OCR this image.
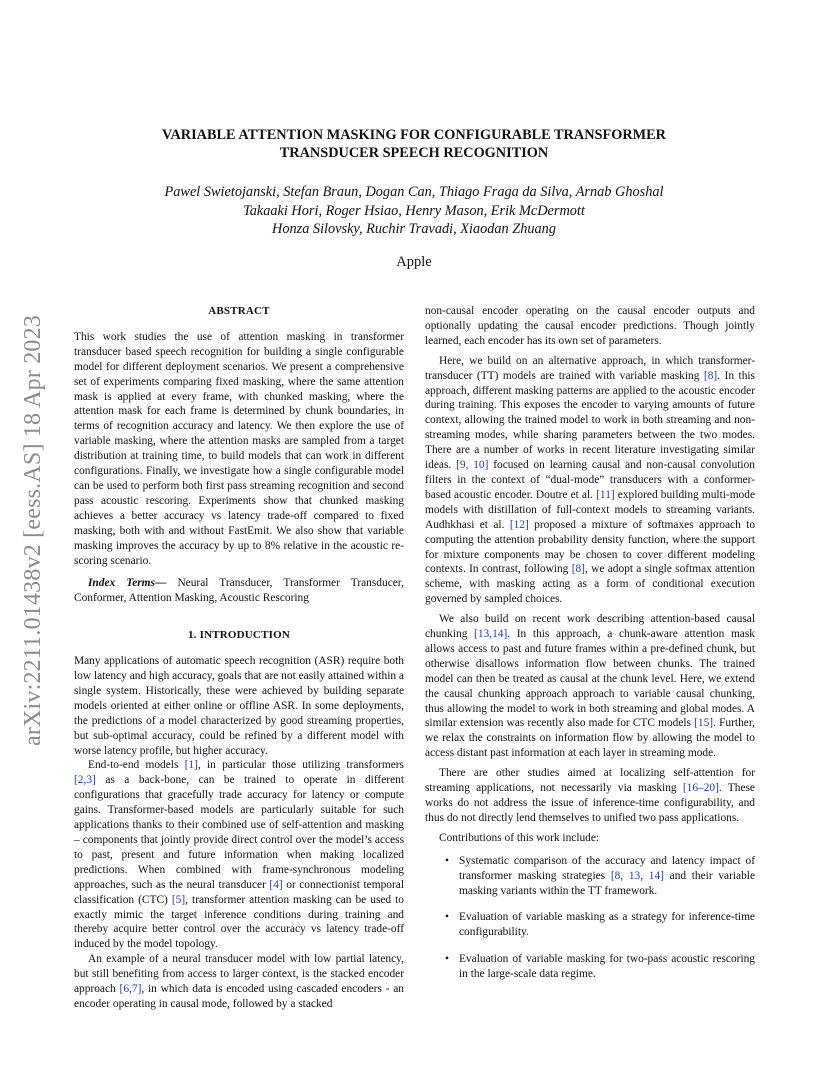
arXiv:2211.01438v2 [eess.AS] 18 Apr 2023
VARIABLE ATTENTION MASKING FOR CONFIGURABLE TRANSFORMER
TRANSDUCER SPEECH RECOGNITION
Pawel Swietojanski, Stefan Braun, Dogan Can, Thiago Fraga da Silva, Arnab Ghoshal
Takaaki Hori, Roger Hsiao, Henry Mason, Erik McDermott
Honza Silovsky, Ruchir Travadi, Xiaodan Zhuang
Apple
ABSTRACT

This work studies the use of attention masking in transformer transducer based speech recognition for building a single configurable model for different deployment scenarios. We present a comprehensive set of experiments comparing fixed masking, where the same attention mask is applied at every frame, with chunked masking, where the attention mask for each frame is determined by chunk boundaries, in terms of recognition accuracy and latency. We then explore the use of variable masking, where the attention masks are sampled from a target distribution at training time, to build models that can work in different configurations. Finally, we investigate how a single configurable model can be used to perform both first pass streaming recognition and second pass acoustic rescoring. Experiments show that chunked masking achieves a better accuracy vs latency trade-off compared to fixed masking, both with and without FastEmit. We also show that variable masking improves the accuracy by up to 8% relative in the acoustic re-scoring scenario.

Index Terms— Neural Transducer, Transformer Transducer, Conformer, Attention Masking, Acoustic Rescoring

1. INTRODUCTION

Many applications of automatic speech recognition (ASR) require both low latency and high accuracy, goals that are not easily attained within a single system. Historically, these were achieved by building separate models oriented at either online or offline ASR. In some deployments, the predictions of a model characterized by good streaming properties, but sub-optimal accuracy, could be refined by a different model with worse latency profile, but higher accuracy.

End-to-end models [1], in particular those utilizing transformers [2,3] as a back-bone, can be trained to operate in different configurations that gracefully trade accuracy for latency or compute gains. Transformer-based models are particularly suitable for such applications thanks to their combined use of self-attention and masking – components that jointly provide direct control over the model’s access to past, present and future information when making localized predictions. When combined with frame-synchronous modeling approaches, such as the neural transducer [4] or connectionist temporal classification (CTC) [5], transformer attention masking can be used to exactly mimic the target inference conditions during training and thereby acquire better control over the accuracy vs latency trade-off induced by the model topology.

An example of a neural transducer model with low partial latency, but still benefiting from access to larger context, is the stacked encoder approach [6,7], in which data is encoded using cascaded encoders - an encoder operating in causal mode, followed by a stacked

non-causal encoder operating on the causal encoder outputs and optionally updating the causal encoder predictions. Though jointly learned, each encoder has its own set of parameters.

Here, we build on an alternative approach, in which transformer-transducer (TT) models are trained with variable masking [8]. In this approach, different masking patterns are applied to the acoustic encoder during training. This exposes the encoder to varying amounts of future context, allowing the trained model to work in both streaming and non-streaming modes, while sharing parameters between the two modes. There are a number of works in recent literature investigating similar ideas. [9, 10] focused on learning causal and non-causal convolution filters in the context of “dual-mode” transducers with a conformer-based acoustic encoder. Doutre et al. [11] explored building multi-mode models with distillation of full-context models to streaming variants. Audhkhasi et al. [12] proposed a mixture of softmaxes approach to computing the attention probability density function, where the support for mixture components may be chosen to cover different modeling contexts. In contrast, following [8], we adopt a single softmax attention scheme, with masking acting as a form of conditional execution governed by sampled choices.

We also build on recent work describing attention-based causal chunking [13,14]. In this approach, a chunk-aware attention mask allows access to past and future frames within a pre-defined chunk, but otherwise disallows information flow between chunks. The trained model can then be treated as causal at the chunk level. Here, we extend the causal chunking approach approach to variable causal chunking, thus allowing the model to work in both streaming and global modes. A similar extension was recently also made for CTC models [15]. Further, we relax the constraints on information flow by allowing the model to access distant past information at each layer in streaming mode.

There are other studies aimed at localizing self-attention for streaming applications, not necessarily via masking [16–20]. These works do not address the issue of inference-time configurability, and thus do not directly lend themselves to unified two pass applications.

Contributions of this work include:

• Systematic comparison of the accuracy and latency impact of transformer masking strategies [8, 13, 14] and their variable masking variants within the TT framework.
• Evaluation of variable masking as a strategy for inference-time configurability.
• Evaluation of variable masking for two-pass acoustic rescoring in the large-scale data regime.
